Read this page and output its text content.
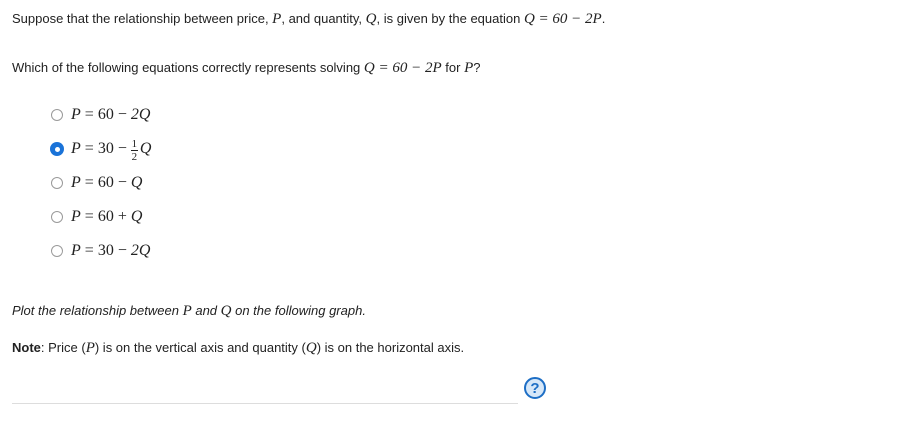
Suppose that the relationship between price, P, and quantity, Q, is given by the equation Q = 60 − 2P.
Which of the following equations correctly represents solving Q = 60 − 2P for P?
P = 60 − 2Q
$P = 30 - \frac{1}{2}$ Q
P = 60 − Q
P = 60 + Q
P = 30 − 2Q
Plot the relationship between P and Q on the following graph.
Note: Price (P) is on the vertical axis and quantity (Q) is on the horizontal axis.
?
